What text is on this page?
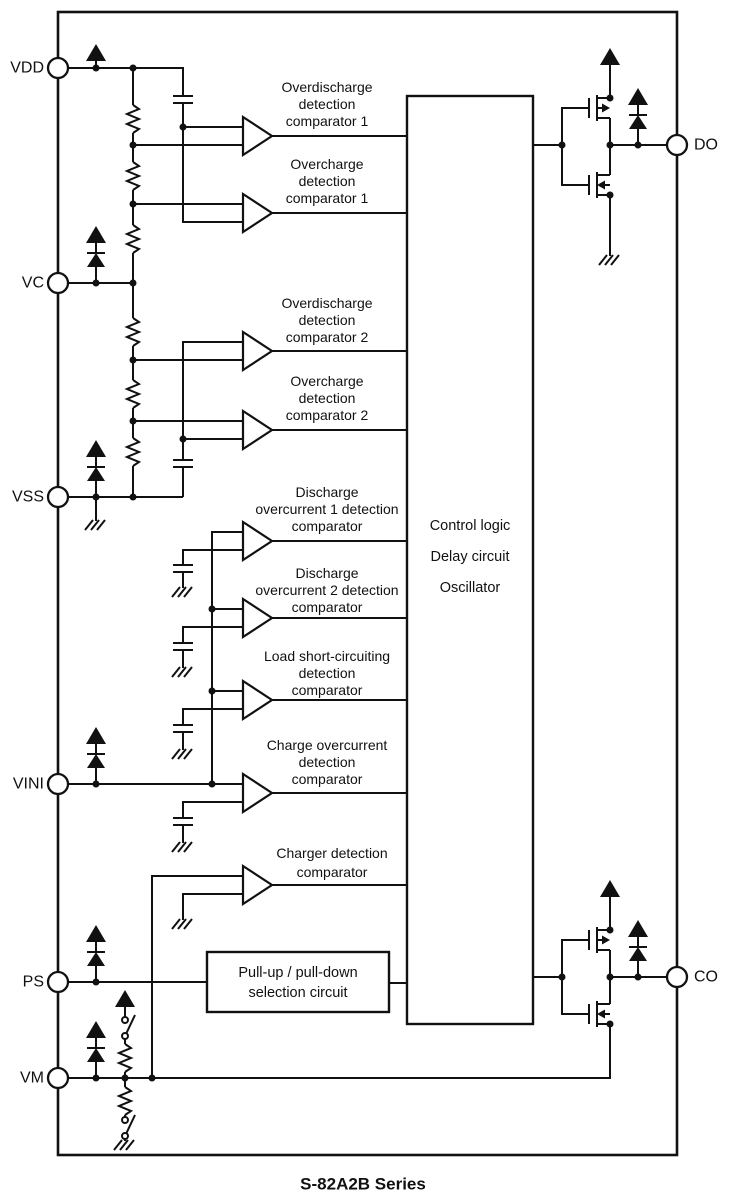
VDD
VC
VSS
VINI
PS
VM
DO
CO
Overdischarge
detection
comparator 1
Overcharge
detection
comparator 1
Overdischarge
detection
comparator 2
Overcharge
detection
comparator 2
Discharge
overcurrent 1 detection
comparator
Discharge
overcurrent 2 detection
comparator
Load short-circuiting
detection
comparator
Charge overcurrent
detection
comparator
Charger detection
comparator
Control logic
Delay circuit
Oscillator
Pull-up / pull-down
selection circuit
S-82A2B Series
